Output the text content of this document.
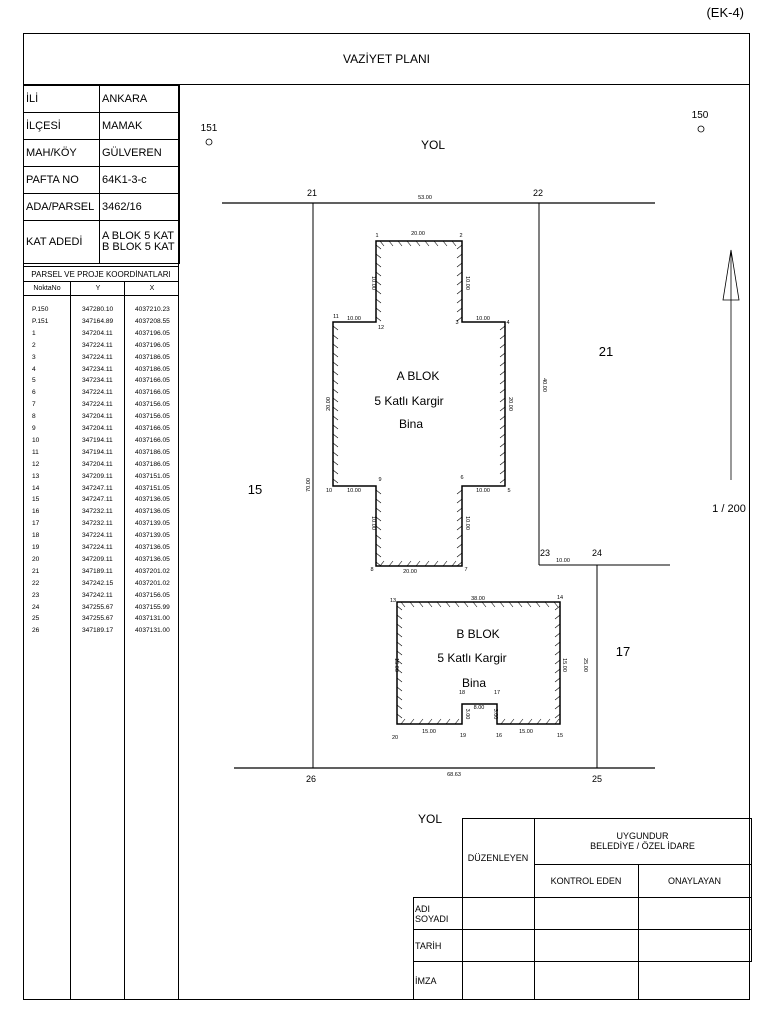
(EK-4)
VAZİYET PLANI
İLİ	ANKARA
İLÇESİ	MAMAK
MAH/KÖY	GÜLVEREN
PAFTA NO	64K1-3-c
ADA/PARSEL	3462/16
KAT ADEDİ	A BLOK 5 KAT
B BLOK 5 KAT
PARSEL VE PROJE KOORDİNATLARI
NoktaNo	Y	X
P.150	347280.10	4037210.23
P.151	347164.89	4037208.55
1	347204.11	4037196.05
2	347224.11	4037196.05
3	347224.11	4037186.05
4	347234.11	4037186.05
5	347234.11	4037166.05
6	347224.11	4037166.05
7	347224.11	4037156.05
8	347204.11	4037156.05
9	347204.11	4037166.05
10	347194.11	4037166.05
11	347194.11	4037186.05
12	347204.11	4037186.05
13	347209.11	4037151.05
14	347247.11	4037151.05
15	347247.11	4037136.05
16	347232.11	4037136.05
17	347232.11	4037139.05
18	347224.11	4037139.05
19	347224.11	4037136.05
20	347209.11	4037136.05
21	347189.11	4037201.02
22	347242.15	4037201.02
23	347242.11	4037156.05
24	347255.67	4037155.99
25	347255.67	4037131.00
26	347189.17	4037131.00
YOL
YOL
1 / 200
21
15
17
151
150
21	22
23	24
25
26
53.00
40.00
10.00
68.63
70.00
25.00
A BLOK
5 Katlı Kargir
Bina
1	2
3	4
5
6
7
8
9
10
11
12
20.00
10.00	10.00
10.00	10.00
20.00	20.00
10.00	10.00
10.00	10.00
20.00
B BLOK
5 Katlı Kargir
Bina
13	14
15
16
17
18
19
20
38.00
15.00	15.00
15.00	15.00
8.00
3.00	3.00
	DÜZENLEYEN	UYGUNDUR
BELEDİYE / ÖZEL İDARE	

		KONTROL EDEN	ONAYLAYAN
ADI SOYADI			
TARİH			
İMZA			
